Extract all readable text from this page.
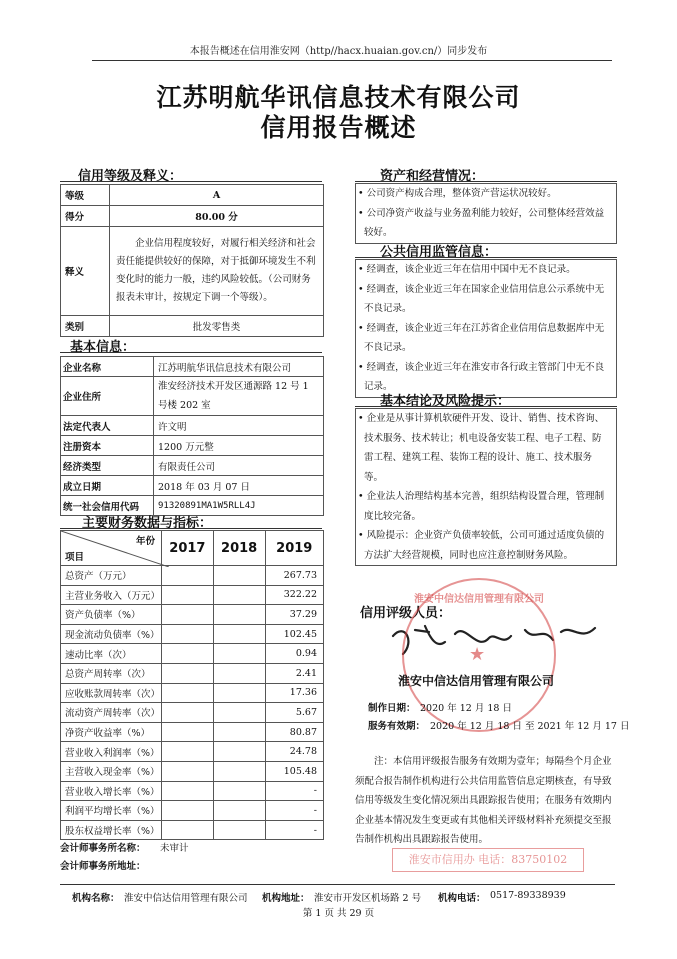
本报告概述在信用淮安网（http//hacx.huaian.gov.cn/）同步发布
江苏明航华讯信息技术有限公司
信用报告概述
信用等级及释义：
等级	A
得分	80.00 分
释义	企业信用程度较好，对履行相关经济和社会责任能提供较好的保障，对于抵御环境发生不利变化时的能力一般，违约风险较低。（公司财务报表未审计，按规定下调一个等级）。
类别	批发零售类
基本信息：
企业名称	江苏明航华讯信息技术有限公司
企业住所	淮安经济技术开发区通源路 12 号 1 号楼 202 室
法定代表人	许文明
注册资本	1200 万元整
经济类型	有限责任公司
成立日期	2018 年 03 月 07 日
统一社会信用代码	91320891MA1W5RLL4J
主要财务数据与指标：
年份
项目	2017	2018	2019
总资产（万元）			267.73
主营业务收入（万元）			322.22
资产负债率（%）			37.29
现金流动负债率（%）			102.45
速动比率（次）			0.94
总资产周转率（次）			2.41
应收账款周转率（次）			17.36
流动资产周转率（次）			5.67
净资产收益率（%）			80.87
营业收入利润率（%）			24.78
主营收入现金率（%）			105.48
营业收入增长率（%）			-
利润平均增长率（%）			-
股东权益增长率（%）			-
会计师事务所名称： 未审计
会计师事务所地址：
资产和经营情况：

• 公司资产构成合理，整体资产营运状况较好。

• 公司净资产收益与业务盈利能力较好，公司整体经营效益较好。

公共信用监管信息：

• 经调查，该企业近三年在信用中国中无不良记录。

• 经调查，该企业近三年在国家企业信用信息公示系统中无不良记录。

• 经调查，该企业近三年在江苏省企业信用信息数据库中无不良记录。

• 经调查，该企业近三年在淮安市各行政主管部门中无不良记录。

基本结论及风险提示：

• 企业是从事计算机软硬件开发、设计、销售、技术咨询、技术服务、技术转让；机电设备安装工程、电子工程、防雷工程、建筑工程、装饰工程的设计、施工、技术服务等。

• 企业法人治理结构基本完善，组织结构设置合理，管理制度比较完备。

• 风险提示：企业资产负债率较低，公司可通过适度负债的方法扩大经营规模，同时也应注意控制财务风险。

信用评级人员：
淮安中信达信用管理有限公司
★
淮安中信达信用管理有限公司
制作日期： 2020 年 12 月 18 日
服务有效期： 2020 年 12 月 18 日 至 2021 年 12 月 17 日
注：本信用评级报告服务有效期为壹年；每隔叁个月企业须配合报告制作机构进行公共信用监管信息定期核查，有导致信用等级发生变化情况须出具跟踪报告使用；在服务有效期内企业基本情况发生变更或有其他相关评级材料补充须提交至报告制作机构出具跟踪报告使用。
淮安市信用办 电话：83750102
机构名称： 淮安中信达信用管理有限公司 机构地址： 淮安市开发区机场路 2 号 机构电话： 0517-89338939
第 1 页 共 29 页
